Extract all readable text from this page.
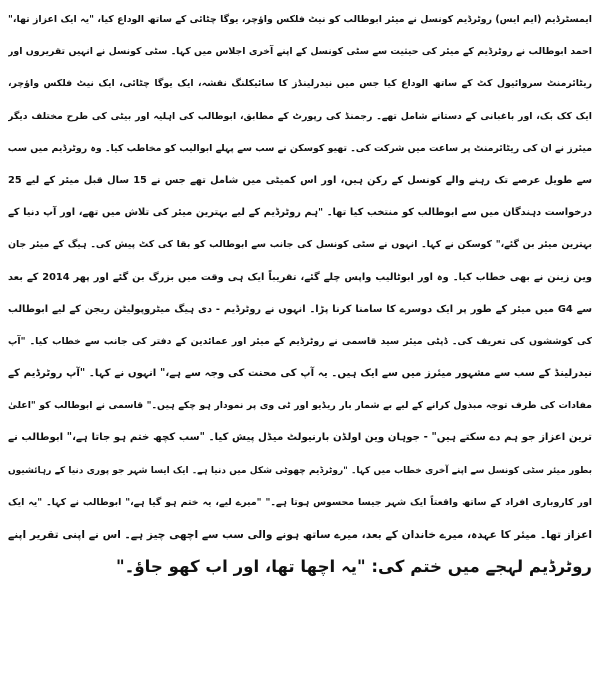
ایمسٹرڈیم (ایم ایس) روٹرڈیم کونسل نے میئر ابوطالب کو نیٹ فلکس واؤچر، یوگا چٹائی کے ساتھ الوداع کیا، "یہ ایک اعزاز تھا،"
احمد ابوطالب نے روٹرڈیم کے میئر کی حیثیت سے سٹی کونسل کے اپنے آخری اجلاس میں کہا۔ سٹی کونسل نے انہیں تقریروں اور
ریٹائرمنٹ سروائیول کٹ کے ساتھ الوداع کیا جس میں نیدرلینڈز کا سائیکلنگ نقشہ، ایک یوگا چٹائی، ایک نیٹ فلکس واؤچر،
ایک کک بک، اور باغبانی کے دستانے شامل تھے۔ رجمنڈ کی رپورٹ کے مطابق، ابوطالب کی اہلیہ اور بیٹی کی طرح مختلف دیگر
میئرز نے ان کی ریٹائرمنٹ پر ساعت میں شرکت کی۔ تھیو کوسکن نے سب سے پہلے ابوالیب کو مخاطب کیا۔ وہ روٹرڈیم میں سب
سے طویل عرصے تک رہنے والے کونسل کے رکن ہیں، اور اس کمیٹی میں شامل تھے جس نے 15 سال قبل میئر کے لیے 25
درخواست دہندگان میں سے ابوطالب کو منتخب کیا تھا۔ "ہم روٹرڈیم کے لیے بہترین میئر کی تلاش میں تھے، اور آپ دنیا کے
بہترین میئر بن گئے،" کوسکن نے کہا۔ انہوں نے سٹی کونسل کی جانب سے ابوطالب کو بقا کی کٹ پیش کی۔ ہیگ کے میئر جان
وین زینن نے بھی خطاب کیا۔ وہ اور ابوٹالیب واپس چلے گئے، تقریباً ایک ہی وقت میں بزرگ بن گئے اور پھر 2014 کے بعد
سے G4 میں میئر کے طور پر ایک دوسرے کا سامنا کرنا پڑا۔ انہوں نے روٹرڈیم - دی ہیگ میٹروپولیٹن ریجن کے لیے ابوطالب
کی کوششوں کی تعریف کی۔ ڈپٹی میئر سید قاسمی نے روٹرڈیم کے میئر اور عمائدین کے دفتر کی جانب سے خطاب کیا۔ "آپ
نیدرلینڈ کے سب سے مشہور میئرز میں سے ایک ہیں۔ یہ آپ کی محنت کی وجہ سے ہے،" انہوں نے کہا۔ "آپ روٹرڈیم کے
مفادات کی طرف توجہ مبذول کرانے کے لیے بے شمار بار ریڈیو اور ٹی وی پر نمودار ہو چکے ہیں۔" قاسمی نے ابوطالب کو "اعلیٰ
ترین اعزاز جو ہم دے سکتے ہیں" - جوہان وین اولڈن بارنیولٹ میڈل پیش کیا۔ "سب کچھ ختم ہو جاتا ہے،" ابوطالب نے
بطور میئر سٹی کونسل سے اپنے آخری خطاب میں کہا۔ "روٹرڈیم چھوٹی شکل میں دنیا ہے۔ ایک ایسا شہر جو پوری دنیا کے رہائشیوں
اور کاروباری افراد کے ساتھ واقعتاً ایک شہر جیسا محسوس ہوتا ہے۔" "میرے لیے، یہ ختم ہو گیا ہے،" ابوطالب نے کہا۔ "یہ ایک
اعزاز تھا۔ میئر کا عہدہ، میرے خاندان کے بعد، میرے ساتھ ہونے والی سب سے اچھی چیز ہے۔ اس نے اپنی تقریر اپنے
روٹرڈیم لہجے میں ختم کی: "یہ اچھا تھا، اور اب کھو جاؤ۔"
